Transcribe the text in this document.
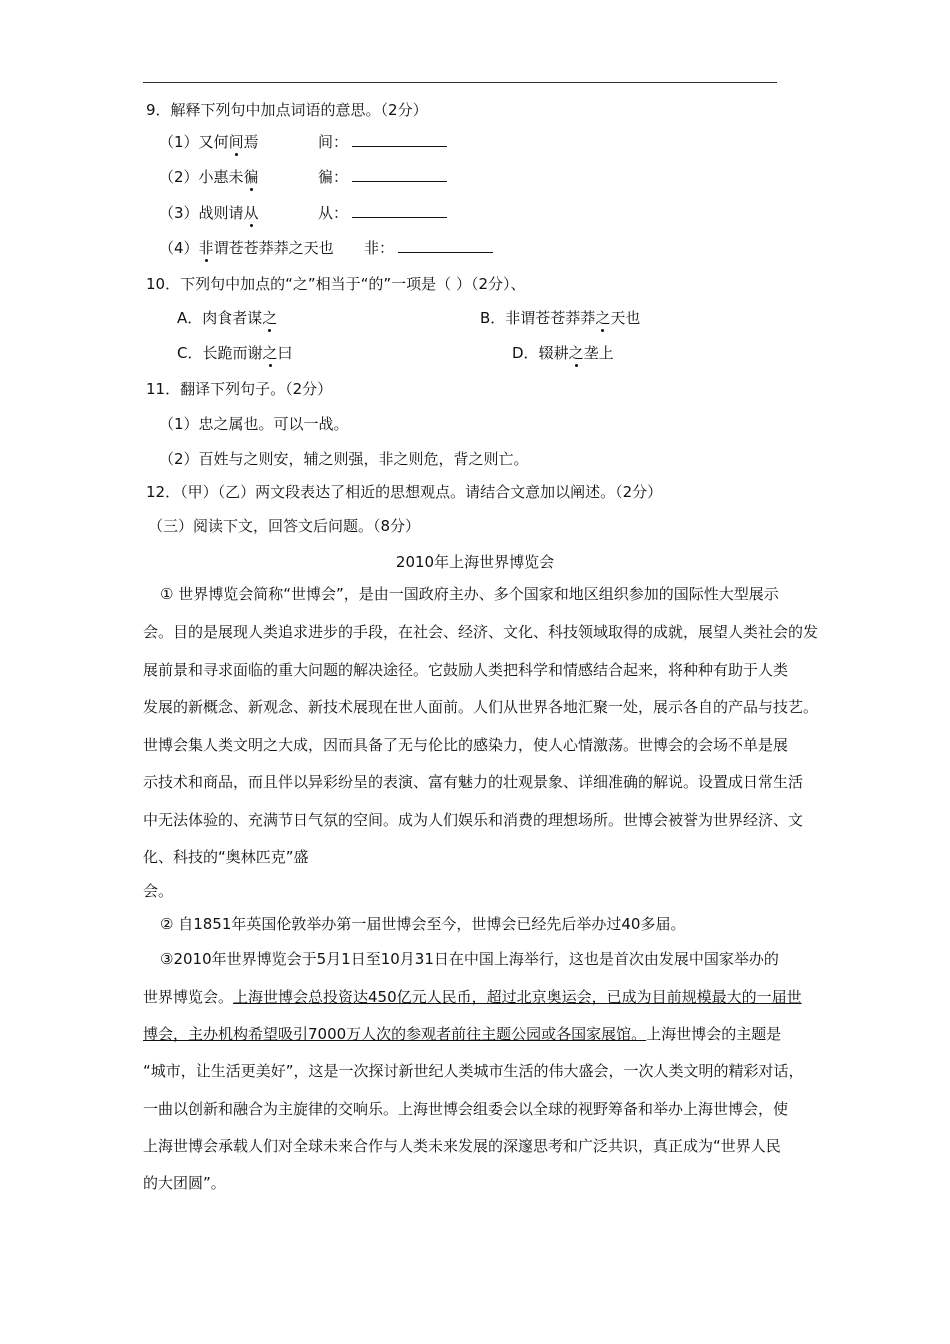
9．解释下列句中加点词语的意思。（2分）
（1）又何间焉	间：
（2）小惠未徧	徧：
（3）战则请从	从：
（4）非谓苍苍莽莽之天也 非：
10．下列句中加点的“之”相当于“的”一项是（ ）（2分）、
A．肉食者谋之	B．非谓苍苍莽莽之天也
C．长跪而谢之曰	D．辍耕之垄上
11．翻译下列句子。（2分）
（1）忠之属也。可以一战。
（2）百姓与之则安，辅之则强，非之则危，背之则亡。
12．（甲）（乙）两文段表达了相近的思想观点。请结合文意加以阐述。（2分）
（三）阅读下文，回答文后问题。（8分）
2010年上海世界博览会
① 世界博览会简称“世博会”，是由一国政府主办、多个国家和地区组织参加的国际性大型展示
会。目的是展现人类追求进步的手段，在社会、经济、文化、科技领域取得的成就，展望人类社会的发
展前景和寻求面临的重大问题的解决途径。它鼓励人类把科学和情感结合起来，将种种有助于人类
发展的新概念、新观念、新技术展现在世人面前。人们从世界各地汇聚一处，展示各自的产品与技艺。
世博会集人类文明之大成，因而具备了无与伦比的感染力，使人心情激荡。世博会的会场不单是展
示技术和商品，而且伴以异彩纷呈的表演、富有魅力的壮观景象、详细准确的解说。设置成日常生活
中无法体验的、充满节日气氛的空间。成为人们娱乐和消费的理想场所。世博会被誉为世界经济、文
化、科技的“奥林匹克”盛
会。
② 自1851年英国伦敦举办第一届世博会至今，世博会已经先后举办过40多届。
③2010年世界博览会于5月1日至10月31日在中国上海举行，这也是首次由发展中国家举办的
世界博览会。上海世博会总投资达450亿元人民币，超过北京奥运会，已成为目前规模最大的一届世
博会，主办机构希望吸引7000万人次的参观者前往主题公园或各国家展馆。上海世博会的主题是
“城市，让生活更美好”，这是一次探讨新世纪人类城市生活的伟大盛会，一次人类文明的精彩对话，
一曲以创新和融合为主旋律的交响乐。上海世博会组委会以全球的视野筹备和举办上海世博会，使
上海世博会承载人们对全球未来合作与人类未来发展的深邃思考和广泛共识，真正成为“世界人民
的大团圆”。
